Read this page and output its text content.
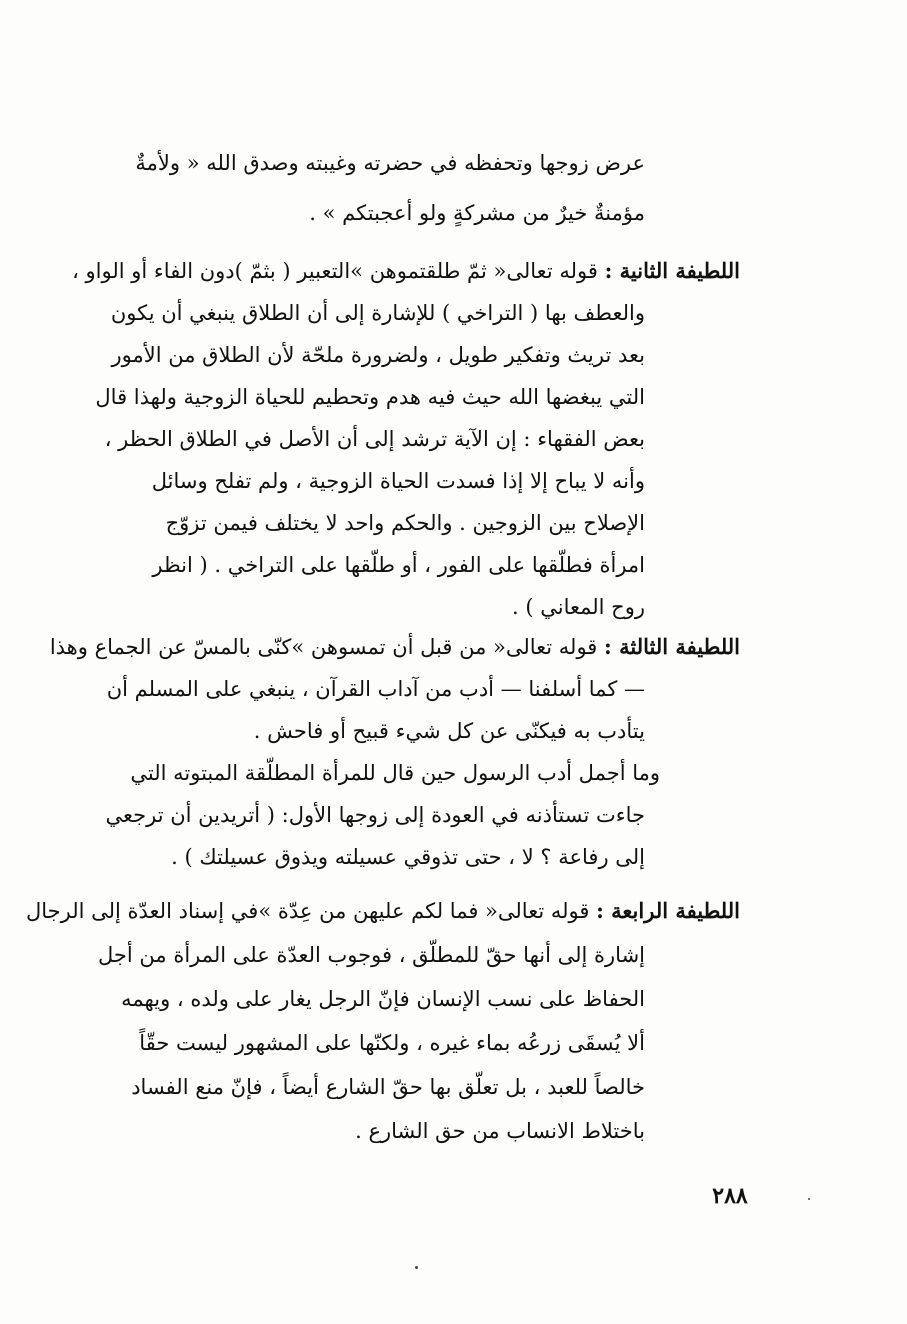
عرض زوجها وتحفظه في حضرته وغيبته وصدق الله « ولأمةٌ
مؤمنةٌ خيرٌ من مشركةٍ ولو أعجبتكم » .
اللطيفة الثانية : قوله تعالى« ثمّ طلقتموهن »التعبير ( بثمّ )دون الفاء أو الواو ،
والعطف بها ( التراخي ) للإشارة إلى أن الطلاق ينبغي أن يكون
بعد تريث وتفكير طويل ، ولضرورة ملحّة لأن الطلاق من الأمور
التي يبغضها الله حيث فيه هدم وتحطيم للحياة الزوجية ولهذا قال
بعض الفقهاء : إن الآية ترشد إلى أن الأصل في الطلاق الحظر ،
وأنه لا يباح إلا إذا فسدت الحياة الزوجية ، ولم تفلح وسائل
الإصلاح بين الزوجين . والحكم واحد لا يختلف فيمن تزوّج
امرأة فطلّقها على الفور ، أو طلّقها على التراخي . ( انظر
روح المعاني ) .
اللطيفة الثالثة : قوله تعالى« من قبل أن تمسوهن »كنّى بالمسّ عن الجماع وهذا
— كما أسلفنا — أدب من آداب القرآن ، ينبغي على المسلم أن
يتأدب به فيكنّى عن كل شيء قبيح أو فاحش .
وما أجمل أدب الرسول حين قال للمرأة المطلّقة المبتوته التي
جاءت تستأذنه في العودة إلى زوجها الأول: ( أتريدين أن ترجعي
إلى رفاعة ؟ لا ، حتى تذوقي عسيلته ويذوق عسيلتك ) .
اللطيفة الرابعة : قوله تعالى« فما لكم عليهن من عِدّة »في إسناد العدّة إلى الرجال
إشارة إلى أنها حقّ للمطلّق ، فوجوب العدّة على المرأة من أجل
الحفاظ على نسب الإنسان فإنّ الرجل يغار على ولده ، ويهمه
ألا يُسقَى زرعُه بماء غيره ، ولكنّها على المشهور ليست حقّاً
خالصاً للعبد ، بل تعلّق بها حقّ الشارع أيضاً ، فإنّ منع الفساد
باختلاط الانساب من حق الشارع .
٢٨٨
